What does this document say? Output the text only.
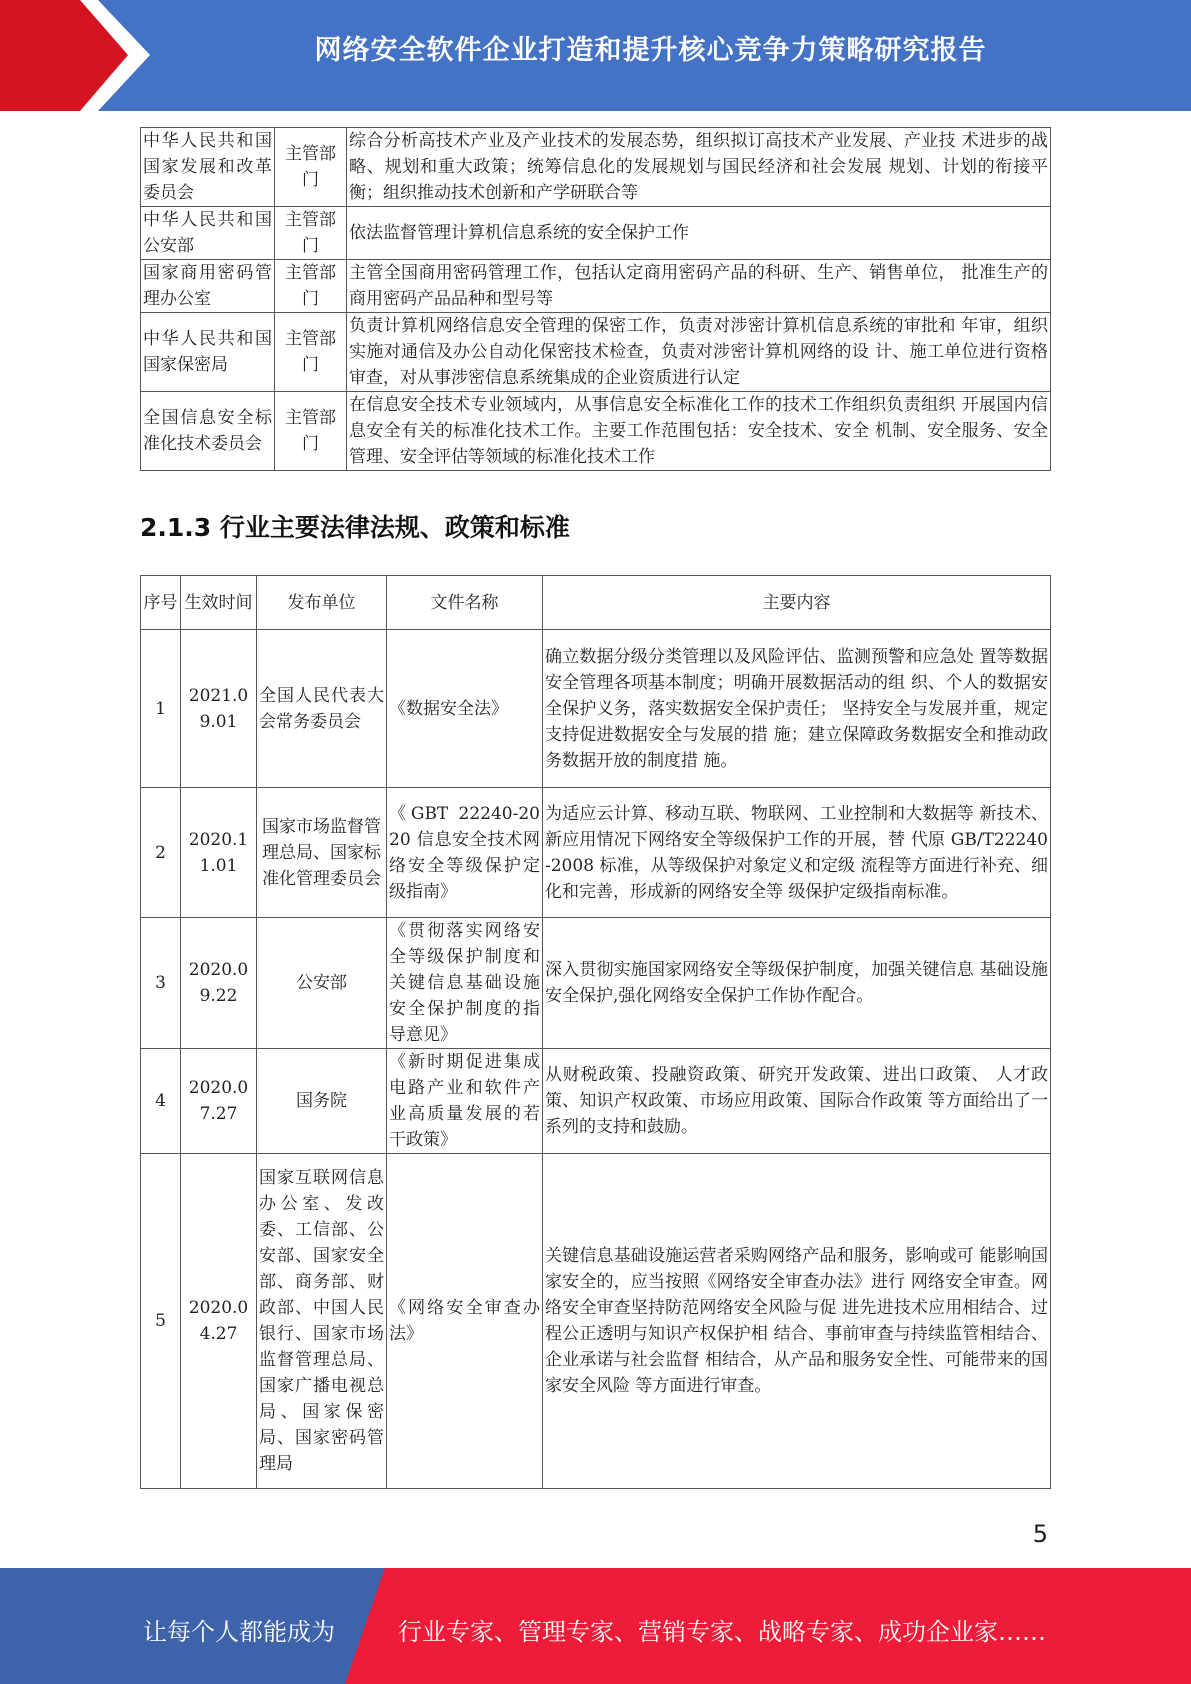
网络安全软件企业打造和提升核心竞争力策略研究报告
中华人民共和国国家发展和改革委员会	主管部门	综合分析高技术产业及产业技术的发展态势，组织拟订高技术产业发展、产业技 术进步的战略、规划和重大政策；统筹信息化的发展规划与国民经济和社会发展 规划、计划的衔接平衡；组织推动技术创新和产学研联合等
中华人民共和国公安部	主管部门	依法监督管理计算机信息系统的安全保护工作
国家商用密码管理办公室	主管部门	主管全国商用密码管理工作，包括认定商用密码产品的科研、生产、销售单位， 批准生产的商用密码产品品种和型号等
中华人民共和国国家保密局	主管部门	负责计算机网络信息安全管理的保密工作，负责对涉密计算机信息系统的审批和 年审，组织实施对通信及办公自动化保密技术检查，负责对涉密计算机网络的设 计、施工单位进行资格审查，对从事涉密信息系统集成的企业资质进行认定
全国信息安全标准化技术委员会	主管部门	在信息安全技术专业领域内，从事信息安全标准化工作的技术工作组织负责组织 开展国内信息安全有关的标准化技术工作。主要工作范围包括：安全技术、安全 机制、安全服务、安全管理、安全评估等领域的标准化技术工作
2.1.3 行业主要法律法规、政策和标准
序号	生效时间	发布单位	文件名称	主要内容
1	2021.09.01	全国人民代表大会常务委员会	《数据安全法》	确立数据分级分类管理以及风险评估、监测预警和应急处 置等数据安全管理各项基本制度；明确开展数据活动的组 织、个人的数据安全保护义务，落实数据安全保护责任； 坚持安全与发展并重，规定支持促进数据安全与发展的措 施；建立保障政务数据安全和推动政务数据开放的制度措 施。
2	2020.11.01	国家市场监督管理总局、国家标准化管理委员会	《GBT 22240-2020 信息安全技术网络安全等级保护定级指南》	为适应云计算、移动互联、物联网、工业控制和大数据等 新技术、新应用情况下网络安全等级保护工作的开展，替 代原 GB/T22240-2008 标准，从等级保护对象定义和定级 流程等方面进行补充、细化和完善，形成新的网络安全等 级保护定级指南标准。
3	2020.09.22	公安部	《贯彻落实网络安全等级保护制度和关键信息基础设施安全保护制度的指导意见》	深入贯彻实施国家网络安全等级保护制度，加强关键信息 基础设施安全保护,强化网络安全保护工作协作配合。
4	2020.07.27	国务院	《新时期促进集成电路产业和软件产业高质量发展的若干政策》	从财税政策、投融资政策、研究开发政策、进出口政策、 人才政策、知识产权政策、市场应用政策、国际合作政策 等方面给出了一系列的支持和鼓励。
5	2020.04.27	国家互联网信息办公室、发改委、工信部、公安部、国家安全部、商务部、财政部、中国人民银行、国家市场监督管理总局、国家广播电视总局、国家保密局、国家密码管理局	《网络安全审查办法》	关键信息基础设施运营者采购网络产品和服务，影响或可 能影响国家安全的，应当按照《网络安全审查办法》进行 网络安全审查。网络安全审查坚持防范网络安全风险与促 进先进技术应用相结合、过程公正透明与知识产权保护相 结合、事前审查与持续监管相结合、企业承诺与社会监督 相结合，从产品和服务安全性、可能带来的国家安全风险 等方面进行审查。
5
让每个人都能成为	行业专家、管理专家、营销专家、战略专家、成功企业家……
